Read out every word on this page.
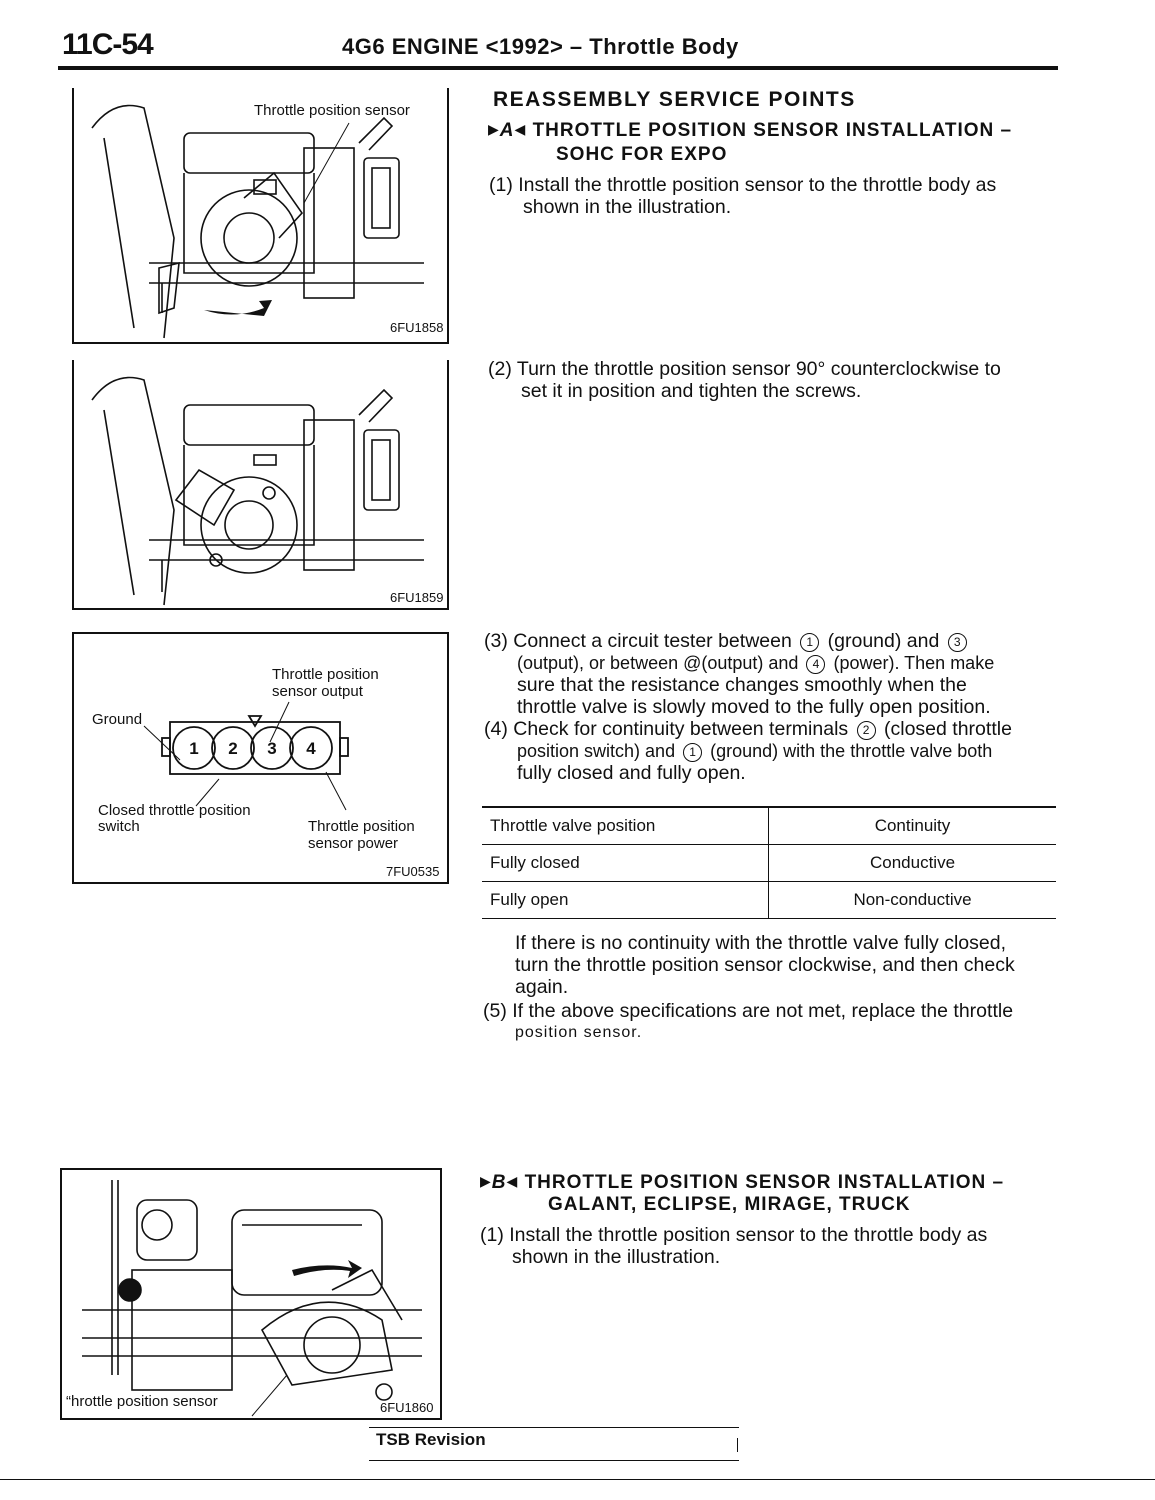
11C-54	4G6 ENGINE <1992> – Throttle Body
Throttle position sensor
6FU1858
6FU1859
1 2 3 4
Ground
Throttle position
sensor output
Closed throttle position
switch	Throttle position
sensor power
7FU0535
“hrottle position sensor	6FU1860
REASSEMBLY SERVICE POINTS
▶A◀ THROTTLE POSITION SENSOR INSTALLATION –
SOHC FOR EXPO
(1) Install the throttle position sensor to the throttle body as
shown in the illustration.
(2) Turn the throttle position sensor 90° counterclockwise to
set it in position and tighten the screws.
(3) Connect a circuit tester between 1 (ground) and 3
(output), or between @(output) and 4 (power). Then make
sure that the resistance changes smoothly when the
throttle valve is slowly moved to the fully open position.
(4) Check for continuity between terminals 2 (closed throttle
position switch) and 1 (ground) with the throttle valve both
fully closed and fully open.
Throttle valve position	Continuity
Fully closed	Conductive
Fully open	Non-conductive
If there is no continuity with the throttle valve fully closed,
turn the throttle position sensor clockwise, and then check
again.
(5) If the above specifications are not met, replace the throttle
position sensor.
▶B◀ THROTTLE POSITION SENSOR INSTALLATION –
GALANT, ECLIPSE, MIRAGE, TRUCK
(1) Install the throttle position sensor to the throttle body as
shown in the illustration.
TSB Revision
